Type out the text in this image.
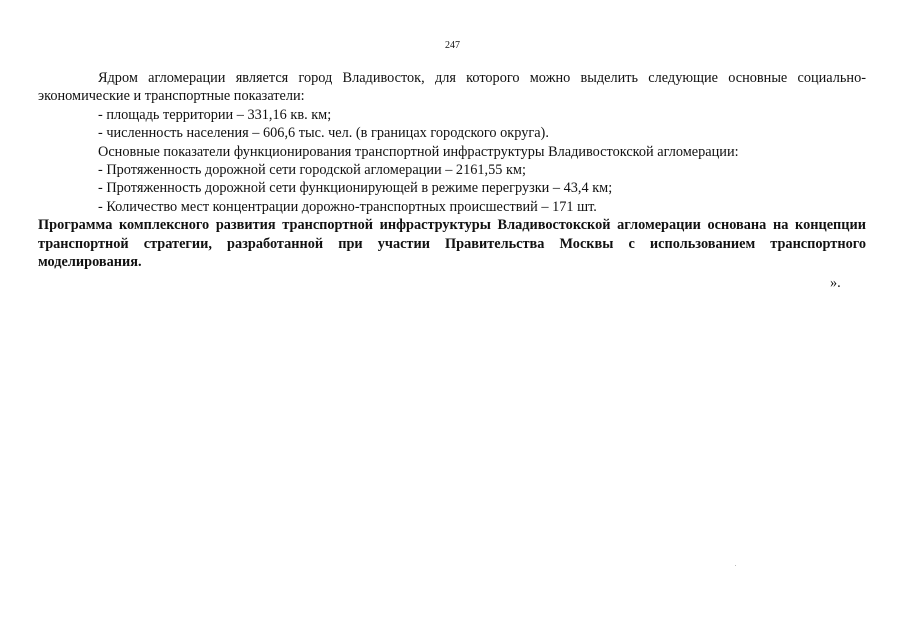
247

Ядром агломерации является город Владивосток, для которого можно выделить следующие основные социально-экономические и транспортные показатели:

- площадь территории – 331,16 кв. км;

- численность населения – 606,6 тыс. чел. (в границах городского округа).

Основные показатели функционирования транспортной инфраструктуры Владивостокской агломерации:

- Протяженность дорожной сети городской агломерации – 2161,55 км;

- Протяженность дорожной сети функционирующей в режиме перегрузки – 43,4 км;

- Количество мест концентрации дорожно-транспортных происшествий – 171 шт.

Программа комплексного развития транспортной инфраструктуры Владивостокской агломерации основана на концепции транспортной стратегии, разработанной при участии Правительства Москвы с использованием транспортного моделирования.

».
